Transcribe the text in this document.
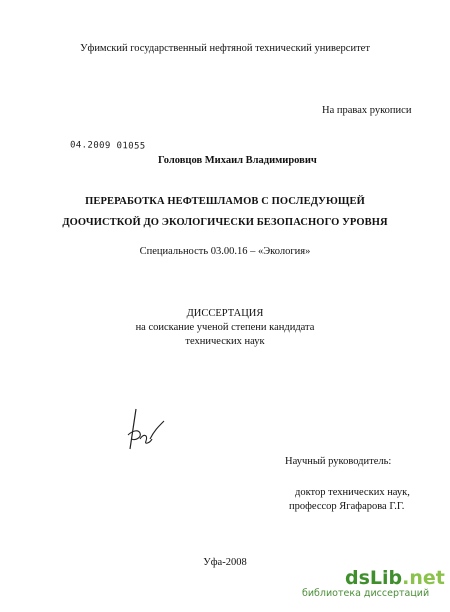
Уфимский государственный нефтяной технический университет
На правах рукописи
04.2009 01055
Головцов Михаил Владимирович
ПЕРЕРАБОТКА НЕФТЕШЛАМОВ С ПОСЛЕДУЮЩЕЙ
ДООЧИСТКОЙ ДО ЭКОЛОГИЧЕСКИ БЕЗОПАСНОГО УРОВНЯ
Специальность 03.00.16 – «Экология»
ДИССЕРТАЦИЯ
на соискание ученой степени кандидата
технических наук
Научный руководитель:
доктор технических наук,
профессор Ягафарова Г.Г.
Уфа-2008
dsLib.net
библиотека диссертаций
